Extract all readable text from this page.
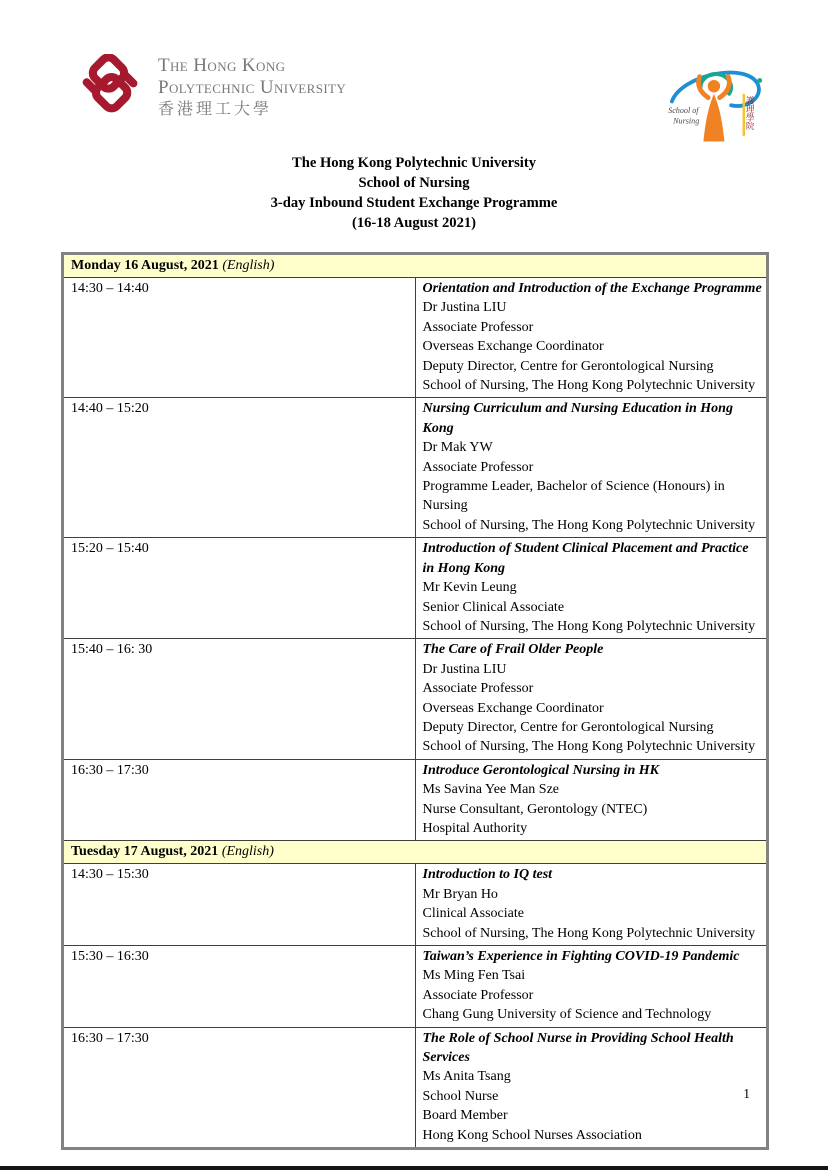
The Hong Kong
Polytechnic University
香港理工大學	School of
Nursing	護理學院
The Hong Kong Polytechnic University
School of Nursing
3-day Inbound Student Exchange Programme
(16-18 August 2021)
Monday 16 August, 2021 (English)	
14:30 – 14:40	Orientation and Introduction of the Exchange Programme
Dr Justina LIU
Associate Professor
Overseas Exchange Coordinator
Deputy Director, Centre for Gerontological Nursing
School of Nursing, The Hong Kong Polytechnic University

14:40 – 15:20	Nursing Curriculum and Nursing Education in Hong Kong
Dr Mak YW
Associate Professor
Programme Leader, Bachelor of Science (Honours) in Nursing
School of Nursing, The Hong Kong Polytechnic University

15:20 – 15:40	Introduction of Student Clinical Placement and Practice in Hong Kong
Mr Kevin Leung
Senior Clinical Associate
School of Nursing, The Hong Kong Polytechnic University

15:40 – 16: 30	The Care of Frail Older People
Dr Justina LIU
Associate Professor
Overseas Exchange Coordinator
Deputy Director, Centre for Gerontological Nursing
School of Nursing, The Hong Kong Polytechnic University

16:30 – 17:30	Introduce Gerontological Nursing in HK
Ms Savina Yee Man Sze
Nurse Consultant, Gerontology (NTEC)
Hospital Authority

Tuesday 17 August, 2021 (English)	
14:30 – 15:30	Introduction to IQ test
Mr Bryan Ho
Clinical Associate
School of Nursing, The Hong Kong Polytechnic University

15:30 – 16:30	Taiwan’s Experience in Fighting COVID-19 Pandemic
Ms Ming Fen Tsai
Associate Professor
Chang Gung University of Science and Technology

16:30 – 17:30	The Role of School Nurse in Providing School Health Services
Ms Anita Tsang
School Nurse
Board Member
Hong Kong School Nurses Association
1
